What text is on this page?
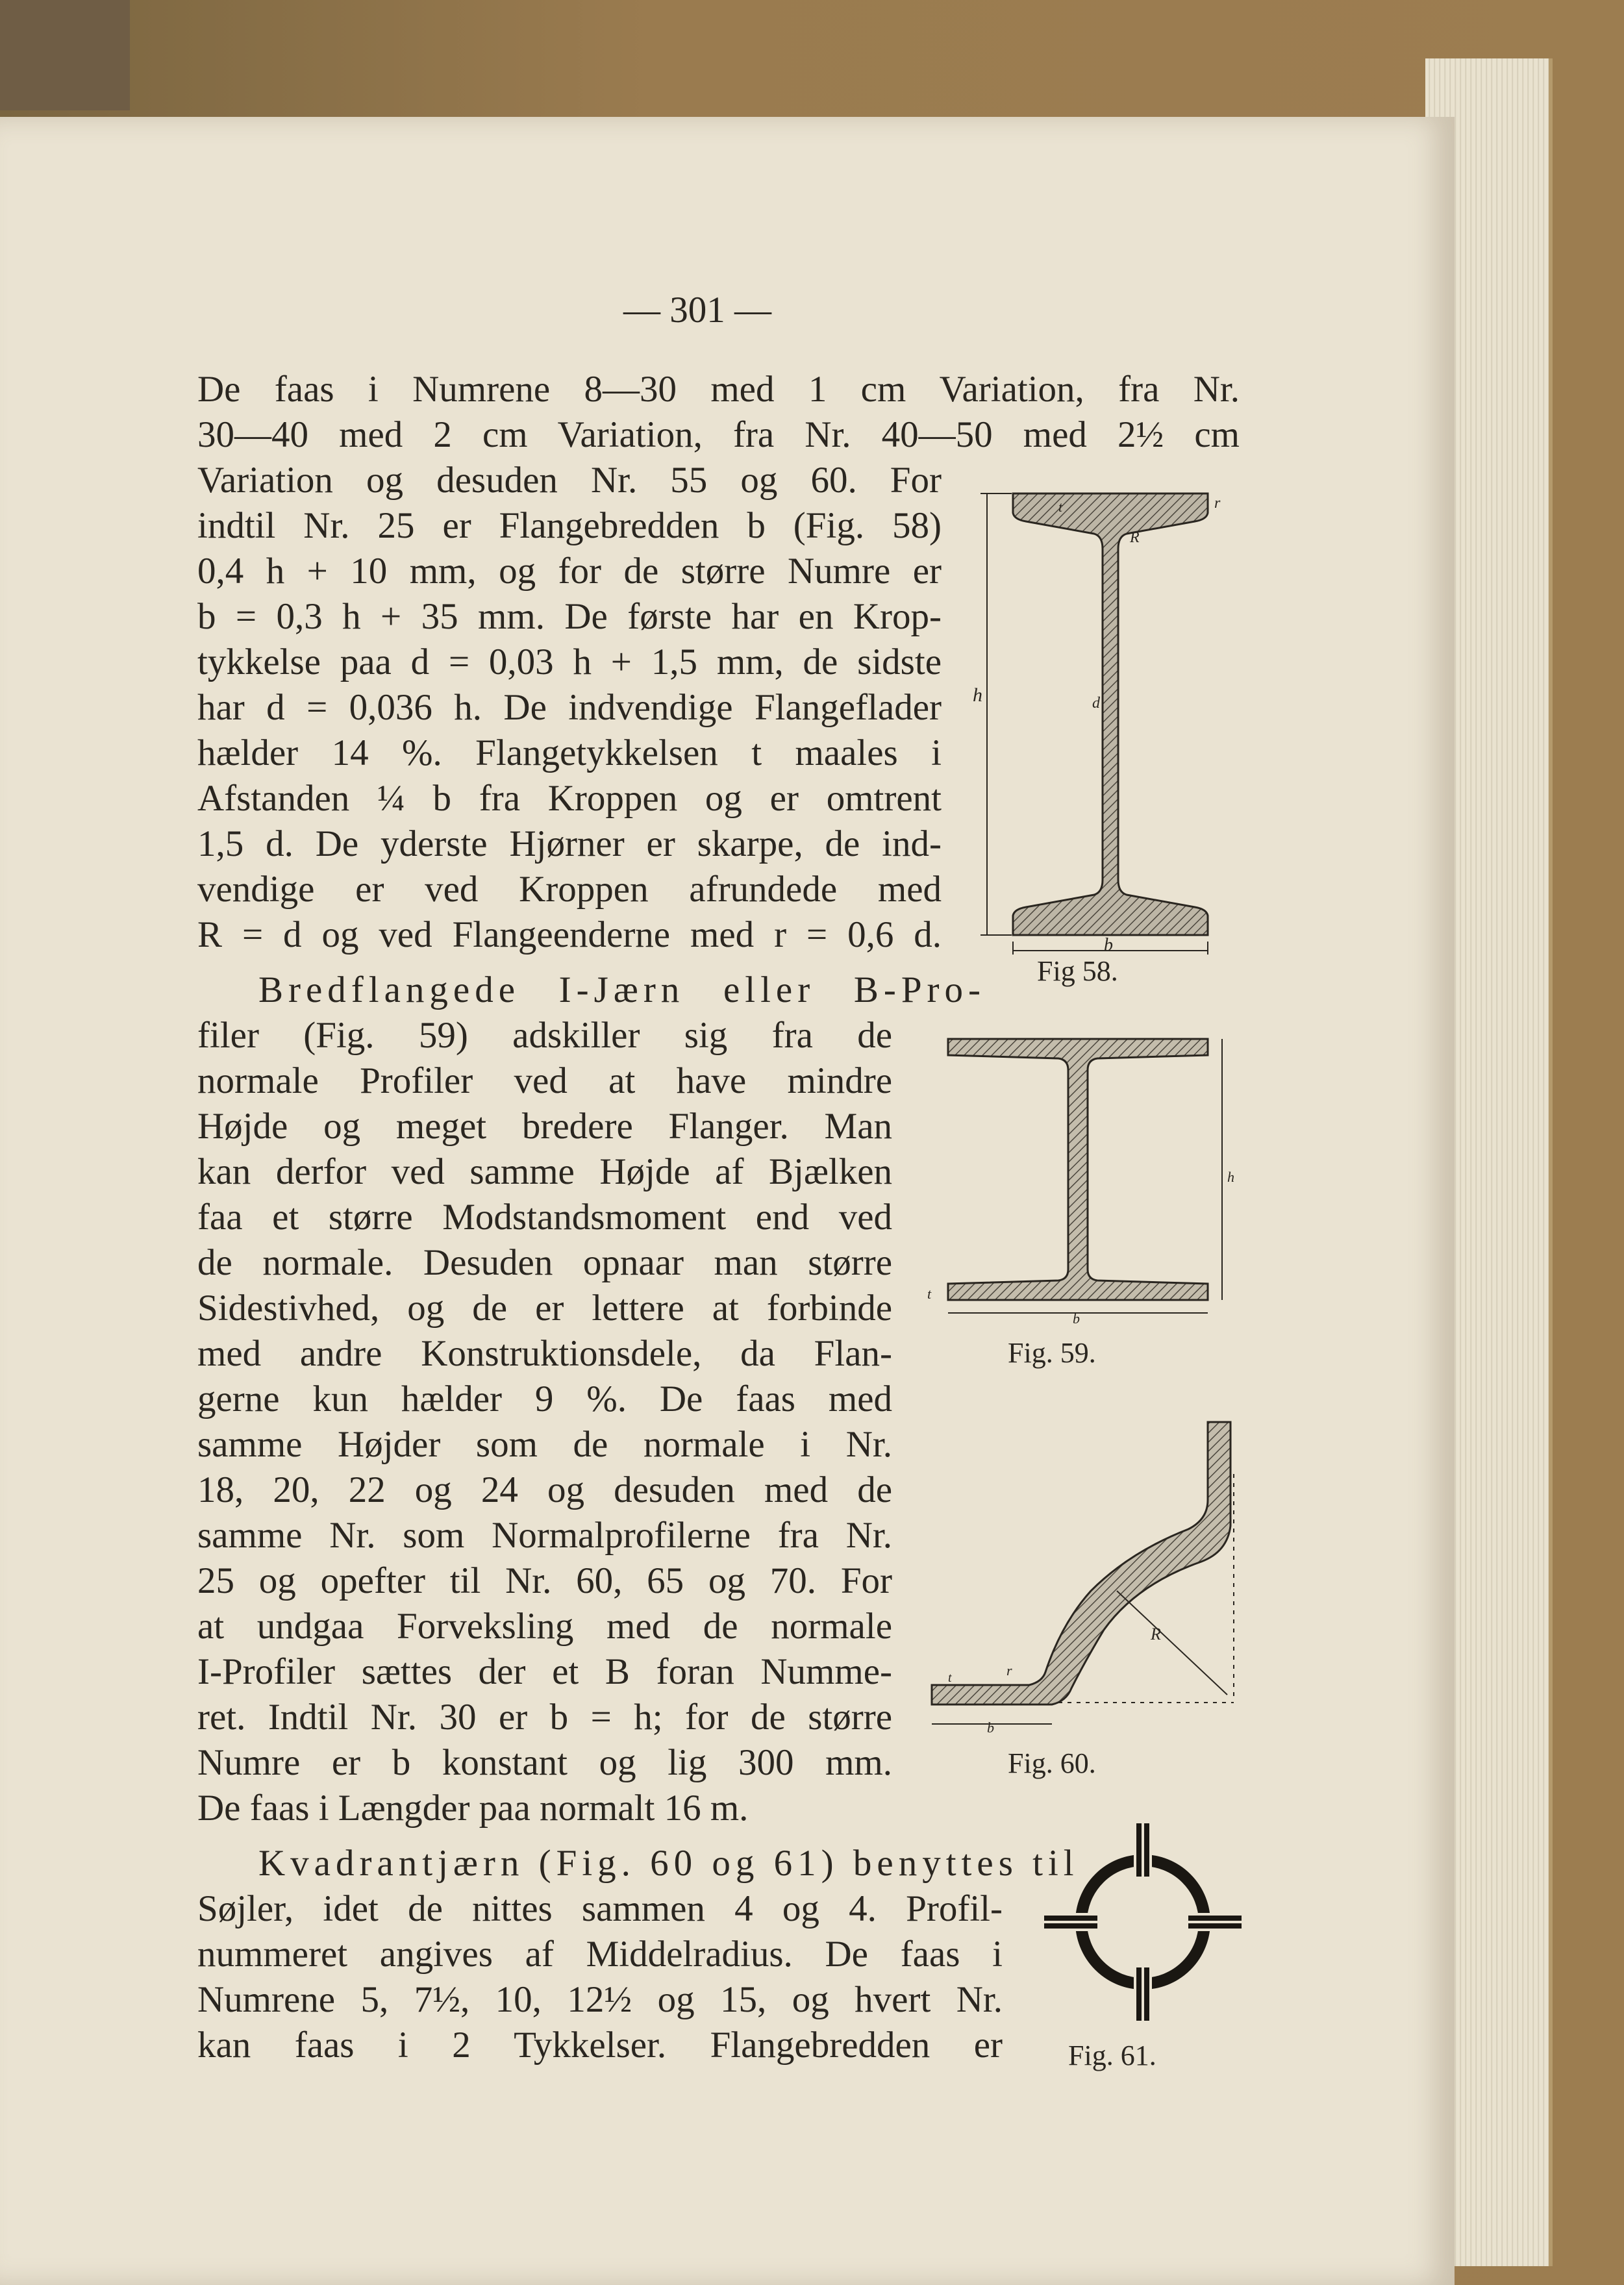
— 301 —
De faas i Numrene 8—30 med 1 cm Variation, fra Nr.
30—40 med 2 cm Variation, fra Nr. 40—50 med 2½ cm
Variation og desuden Nr. 55 og 60. For
indtil Nr. 25 er Flangebredden b (Fig. 58)
0,4 h + 10 mm, og for de større Numre er
b = 0,3 h + 35 mm. De første har en Krop-
tykkelse paa d = 0,03 h + 1,5 mm, de sidste
har d = 0,036 h. De indvendige Flangeflader
hælder 14 %. Flangetykkelsen t maales i
Afstanden ¼ b fra Kroppen og er omtrent
1,5 d. De yderste Hjørner er skarpe, de ind-
vendige er ved Kroppen afrundede med
R = d og ved Flangeenderne med r = 0,6 d.
Bredflangede I-Jærn eller B-Pro-
filer (Fig. 59) adskiller sig fra de
normale Profiler ved at have mindre
Højde og meget bredere Flanger. Man
kan derfor ved samme Højde af Bjælken
faa et større Modstandsmoment end ved
de normale. Desuden opnaar man større
Sidestivhed, og de er lettere at forbinde
med andre Konstruktionsdele, da Flan-
gerne kun hælder 9 %. De faas med
samme Højder som de normale i Nr.
18, 20, 22 og 24 og desuden med de
samme Nr. som Normalprofilerne fra Nr.
25 og opefter til Nr. 60, 65 og 70. For
at undgaa Forveksling med de normale
I-Profiler sættes der et B foran Numme-
ret. Indtil Nr. 30 er b = h; for de større
Numre er b konstant og lig 300 mm.
De faas i Længder paa normalt 16 m.
Kvadrantjærn (Fig. 60 og 61) benyttes til
Søjler, idet de nittes sammen 4 og 4. Profil-
nummeret angives af Middelradius. De faas i
Numrene 5, 7½, 10, 12½ og 15, og hvert Nr.
kan faas i 2 Tykkelser. Flangebredden er
h	d
b
R
r
t
Fig 58.
h
b
t
Fig. 59.
R
r
t
b
Fig. 60.
Fig. 61.
